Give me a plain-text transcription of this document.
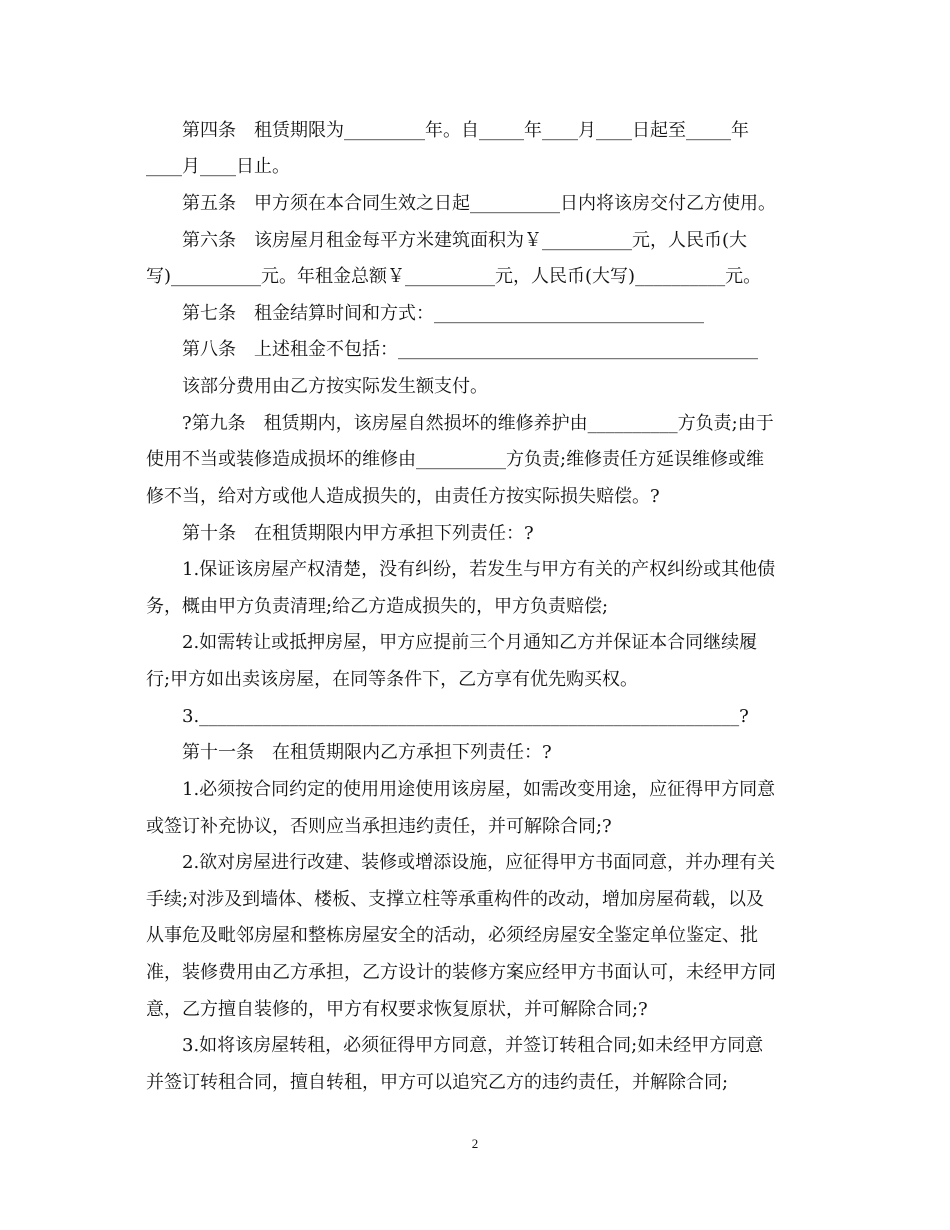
第四条　租赁期限为_________年。自_____年____月____日起至_____年
____月____日止。
第五条　甲方须在本合同生效之日起__________日内将该房交付乙方使用。
第六条　该房屋月租金每平方米建筑面积为￥__________元，人民币(大
写)__________元。年租金总额￥__________元，人民币(大写)__________元。
第七条　租金结算时间和方式：______________________________
第八条　上述租金不包括：________________________________________
该部分费用由乙方按实际发生额支付。
?第九条　租赁期内，该房屋自然损坏的维修养护由__________方负责;由于
使用不当或装修造成损坏的维修由__________方负责;维修责任方延误维修或维
修不当，给对方或他人造成损失的，由责任方按实际损失赔偿。?
第十条　在租赁期限内甲方承担下列责任：?
1.保证该房屋产权清楚，没有纠纷，若发生与甲方有关的产权纠纷或其他债
务，概由甲方负责清理;给乙方造成损失的，甲方负责赔偿;
2.如需转让或抵押房屋，甲方应提前三个月通知乙方并保证本合同继续履
行;甲方如出卖该房屋，在同等条件下，乙方享有优先购买权。
3.____________________________________________________________?
第十一条　在租赁期限内乙方承担下列责任：?
1.必须按合同约定的使用用途使用该房屋，如需改变用途，应征得甲方同意
或签订补充协议，否则应当承担违约责任，并可解除合同;?
2.欲对房屋进行改建、装修或增添设施，应征得甲方书面同意，并办理有关
手续;对涉及到墙体、楼板、支撑立柱等承重构件的改动，增加房屋荷载，以及
从事危及毗邻房屋和整栋房屋安全的活动，必须经房屋安全鉴定单位鉴定、批
准，装修费用由乙方承担，乙方设计的装修方案应经甲方书面认可，未经甲方同
意，乙方擅自装修的，甲方有权要求恢复原状，并可解除合同;?
3.如将该房屋转租，必须征得甲方同意，并签订转租合同;如未经甲方同意
并签订转租合同，擅自转租，甲方可以追究乙方的违约责任，并解除合同;
2
